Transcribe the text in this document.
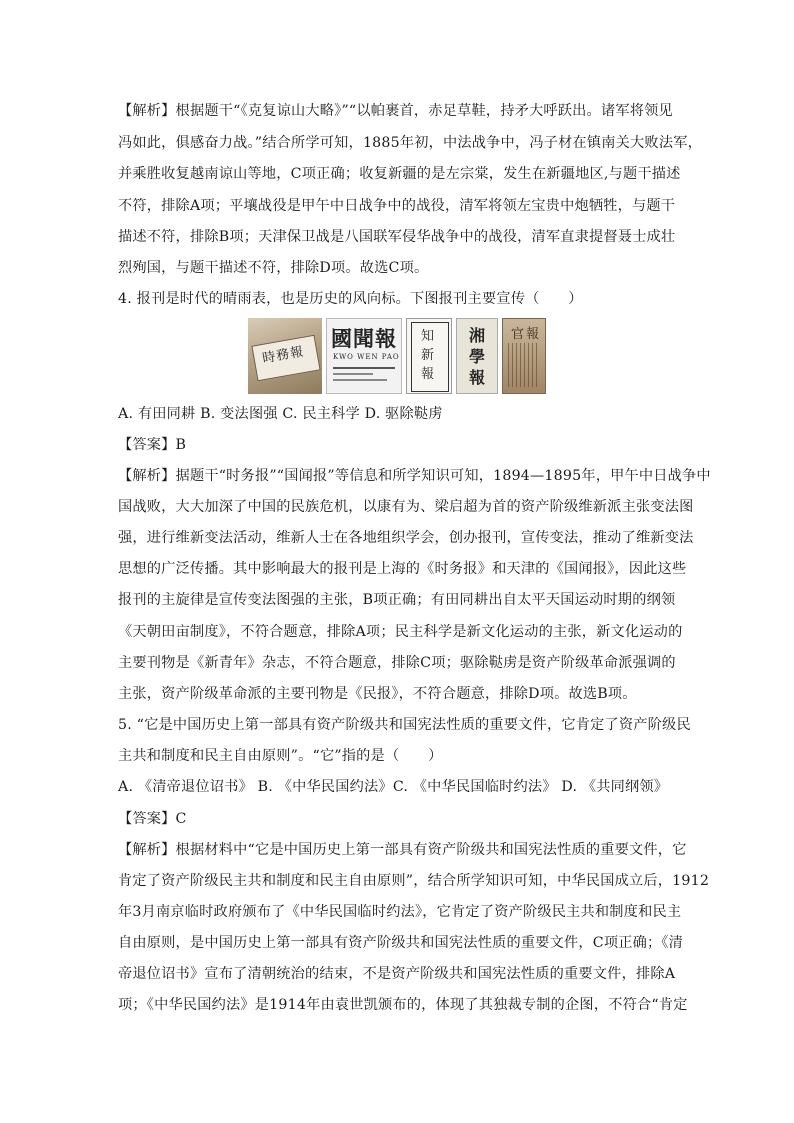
【解析】根据题干“《克复谅山大略》”“以帕裹首，赤足草鞋，持矛大呼跃出。诸军将领见
冯如此，俱感奋力战。”结合所学可知，1885年初，中法战争中，冯子材在镇南关大败法军，
并乘胜收复越南谅山等地，C项正确；收复新疆的是左宗棠，发生在新疆地区,与题干描述
不符，排除A项；平壤战役是甲午中日战争中的战役，清军将领左宝贵中炮牺牲，与题干
描述不符，排除B项；天津保卫战是八国联军侵华战争中的战役，清军直隶提督聂士成壮
烈殉国，与题干描述不符，排除D项。故选C项。
4. 报刊是时代的晴雨表，也是历史的风向标。下图报刊主要宣传（　　）
時務報
國聞報
KWO WEN PAO
知新報
湘學報
官報
A. 有田同耕 B. 变法图强 C. 民主科学 D. 驱除鞑虏
【答案】B
【解析】据题干“时务报”“国闻报”等信息和所学知识可知，1894—1895年，甲午中日战争中
国战败，大大加深了中国的民族危机，以康有为、梁启超为首的资产阶级维新派主张变法图
强，进行维新变法活动，维新人士在各地组织学会，创办报刊，宣传变法，推动了维新变法
思想的广泛传播。其中影响最大的报刊是上海的《时务报》和天津的《国闻报》，因此这些
报刊的主旋律是宣传变法图强的主张，B项正确；有田同耕出自太平天国运动时期的纲领
《天朝田亩制度》，不符合题意，排除A项；民主科学是新文化运动的主张，新文化运动的
主要刊物是《新青年》杂志，不符合题意，排除C项；驱除鞑虏是资产阶级革命派强调的
主张，资产阶级革命派的主要刊物是《民报》，不符合题意，排除D项。故选B项。
5. “它是中国历史上第一部具有资产阶级共和国宪法性质的重要文件，它肯定了资产阶级民
主共和制度和民主自由原则”。“它”指的是（　　）
A. 《清帝退位诏书》 B. 《中华民国约法》C. 《中华民国临时约法》 D. 《共同纲领》
【答案】C
【解析】根据材料中“它是中国历史上第一部具有资产阶级共和国宪法性质的重要文件，它
肯定了资产阶级民主共和制度和民主自由原则”，结合所学知识可知，中华民国成立后，1912
年3月南京临时政府颁布了《中华民国临时约法》，它肯定了资产阶级民主共和制度和民主
自由原则，是中国历史上第一部具有资产阶级共和国宪法性质的重要文件，C项正确；《清
帝退位诏书》宣布了清朝统治的结束，不是资产阶级共和国宪法性质的重要文件，排除A
项；《中华民国约法》是1914年由袁世凯颁布的，体现了其独裁专制的企图，不符合“肯定
